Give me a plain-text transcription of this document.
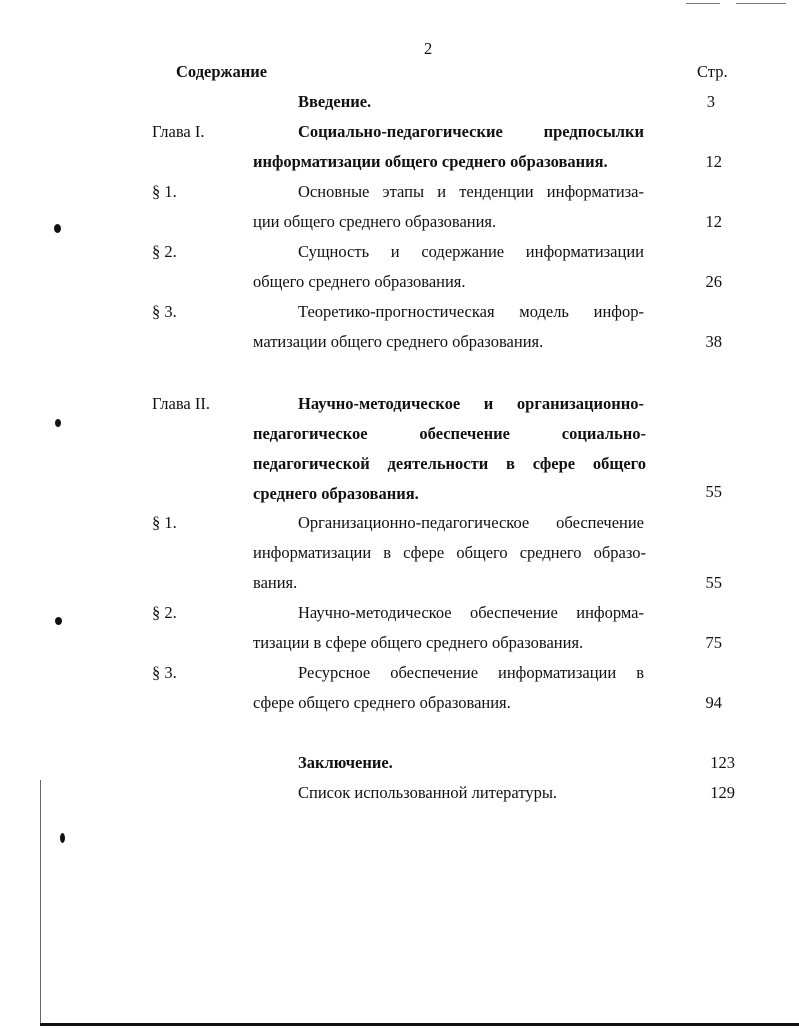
2
Содержание	Стр.
Введение.	3
Глава I.	Социально-педагогические предпосылки
информатизации общего среднего образования.	12
§ 1.	Основные этапы и тенденции информатиза-
ции общего среднего образования.	12
§ 2.	Сущность и содержание информатизации
общего среднего образования.	26
§ 3.	Теоретико-прогностическая модель инфор-
матизации общего среднего образования.	38
Глава II.	Научно-методическое и организационно-
педагогическое обеспечение социально-
педагогической деятельности в сфере общего
среднего образования.	55
§ 1.	Организационно-педагогическое обеспечение
информатизации в сфере общего среднего образо-
вания.	55
§ 2.	Научно-методическое обеспечение информа-
тизации в сфере общего среднего образования.	75
§ 3.	Ресурсное обеспечение информатизации в
сфере общего среднего образования.	94
Заключение.	123
Список использованной литературы.	129
